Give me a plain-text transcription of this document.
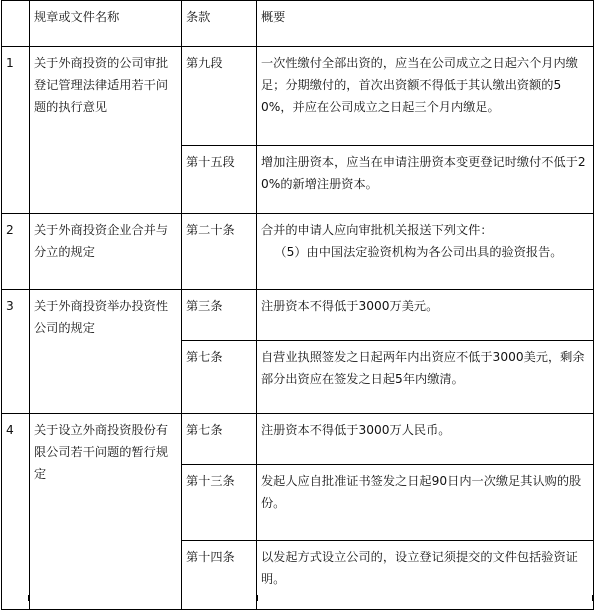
	规章或文件名称	条款	概要

1	关于外商投资的公司审批登记管理法律适用若干问题的执行意见	第九段	一次性缴付全部出资的，应当在公司成立之日起六个月内缴足；分期缴付的，首次出资额不得低于其认缴出资额的50%，并应在公司成立之日起三个月内缴足。

		第十五段	增加注册资本，应当在申请注册资本变更登记时缴付不低于20%的新增注册资本。

2	关于外商投资企业合并与分立的规定	第二十条	合并的申请人应向审批机关报送下列文件：
（5）由中国法定验资机构为各公司出具的验资报告。

3	关于外商投资举办投资性公司的规定	第三条	注册资本不得低于3000万美元。

		第七条	自营业执照签发之日起两年内出资应不低于3000美元，剩余部分出资应在签发之日起5年内缴清。

4	关于设立外商投资股份有限公司若干问题的暂行规定	第七条	注册资本不得低于3000万人民币。

		第十三条	发起人应自批准证书签发之日起90日内一次缴足其认购的股份。

		第十四条	以发起方式设立公司的，设立登记须提交的文件包括验资证明。
